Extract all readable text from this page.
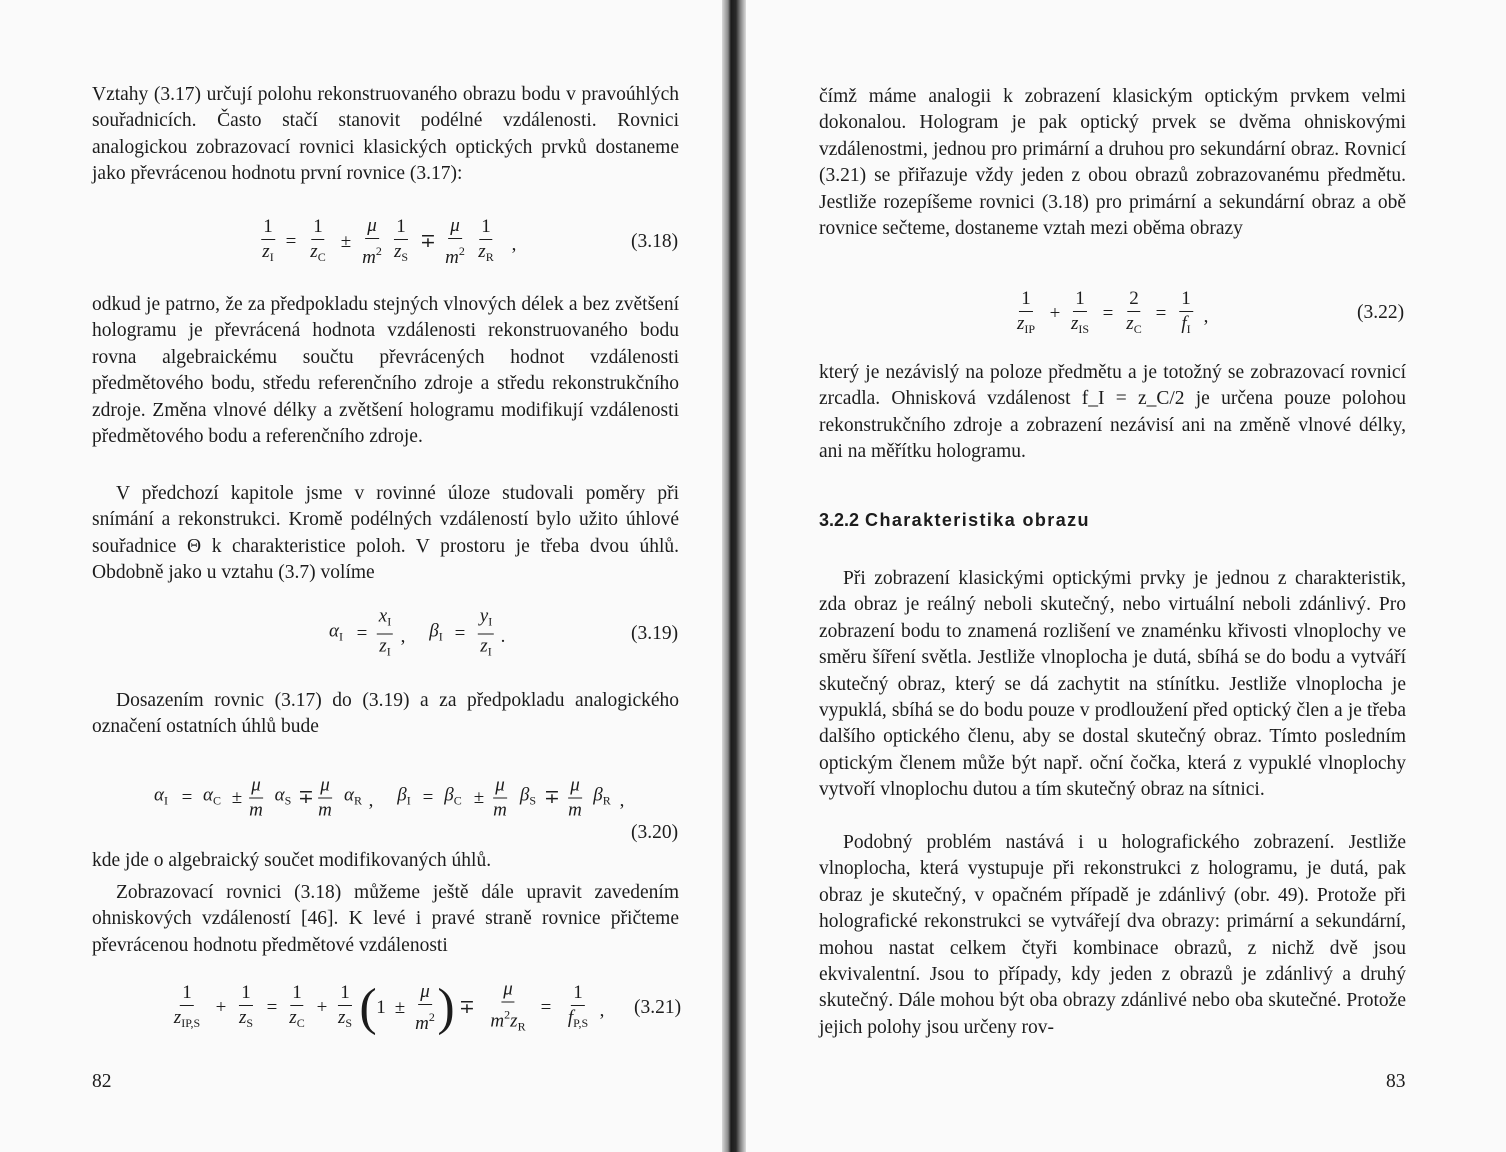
Vztahy (3.17) určují polohu rekonstruovaného obrazu bodu v pravoúhlých souřadnicích. Často stačí stanovit podélné vzdálenosti. Rovnici analogickou zobrazovací rovnici klasických optických prvků dostaneme jako převrácenou hodnotu první rovnice (3.17):

1
$z_I$
=
1
$z_C$
±
μ
$m^2$
1
$z_S$
∓
μ
$m^2$
1
$z_R$
,	(3.18)

odkud je patrno, že za předpokladu stejných vlnových délek a bez zvětšení hologramu je převrácená hodnota vzdálenosti rekonstruovaného bodu rovna algebraickému součtu převrácených hodnot vzdálenosti předmětového bodu, středu referenčního zdroje a středu rekonstrukčního zdroje. Změna vlnové délky a zvětšení hologramu modifikují vzdálenosti předmětového bodu a referenčního zdroje.

V předchozí kapitole jsme v rovinné úloze studovali poměry při snímání a rekonstrukci. Kromě podélných vzdáleností bylo užito úhlové souřadnice Θ k charakteristice poloh. V prostoru je třeba dvou úhlů. Obdobně jako u vztahu (3.7) volíme

$\alpha_I$ =
$x_I$
$z_I$
, $\beta_I$ =
$y_I$
$z_I$
.	(3.19)

Dosazením rovnic (3.17) do (3.19) a za předpokladu analogického označení ostatních úhlů bude

$\alpha_I = \alpha_C$ ±
μ
m
$\alpha_S$ ∓
μ
m
$\alpha_R$ , $\beta_I = \beta_C$ ±
μ
m
$\beta_S$ ∓
μ
m
$\beta_R$ ,
(3.20)

kde jde o algebraický součet modifikovaných úhlů.

Zobrazovací rovnici (3.18) můžeme ještě dále upravit zavedením ohniskových vzdáleností [46]. K levé i pravé straně rovnice přičteme převrácenou hodnotu předmětové vzdálenosti

1
$z_{IP,S}$
+
1
$z_S$
=
1
$z_C$
+
1
$z_S$ ( 1 ±
μ
$m^2$ ) ∓
μ
$m^2z_R$
=
1
$f_{P,S}$
, (3.21)
82

čímž máme analogii k zobrazení klasickým optickým prvkem velmi dokonalou. Hologram je pak optický prvek se dvěma ohniskovými vzdálenostmi, jednou pro primární a druhou pro sekundární obraz. Rovnicí (3.21) se přiřazuje vždy jeden z obou obrazů zobrazovanému předmětu. Jestliže rozepíšeme rovnici (3.18) pro primární a sekundární obraz a obě rovnice sečteme, dostaneme vztah mezi oběma obrazy

1
$z_{IP}$
+
1
$z_{IS}$
=
2
$z_C$
=
1
$f_I$
,	(3.22)

který je nezávislý na poloze předmětu a je totožný se zobrazovací rovnicí zrcadla. Ohnisková vzdálenost f_I = z_C/2 je určena pouze polohou rekonstrukčního zdroje a zobrazení nezávisí ani na změně vlnové délky, ani na měřítku hologramu.

3.2.2 Charakteristika obrazu

Při zobrazení klasickými optickými prvky je jednou z charakteristik, zda obraz je reálný neboli skutečný, nebo virtuální neboli zdánlivý. Pro zobrazení bodu to znamená rozlišení ve znaménku křivosti vlnoplochy ve směru šíření světla. Jestliže vlnoplocha je dutá, sbíhá se do bodu a vytváří skutečný obraz, který se dá zachytit na stínítku. Jestliže vlnoplocha je vypuklá, sbíhá se do bodu pouze v prodloužení před optický člen a je třeba dalšího optického členu, aby se dostal skutečný obraz. Tímto posledním optickým členem může být např. oční čočka, která z vypuklé vlnoplochy vytvoří vlnoplochu dutou a tím skutečný obraz na sítnici.

Podobný problém nastává i u holografického zobrazení. Jestliže vlnoplocha, která vystupuje při rekonstrukci z hologramu, je dutá, pak obraz je skutečný, v opačném případě je zdánlivý (obr. 49). Protože při holografické rekonstrukci se vytvářejí dva obrazy: primární a sekundární, mohou nastat celkem čtyři kombinace obrazů, z nichž dvě jsou ekvivalentní. Jsou to případy, kdy jeden z obrazů je zdánlivý a druhý skutečný. Dále mohou být oba obrazy zdánlivé nebo oba skutečné. Protože jejich polohy jsou určeny rov-

83
